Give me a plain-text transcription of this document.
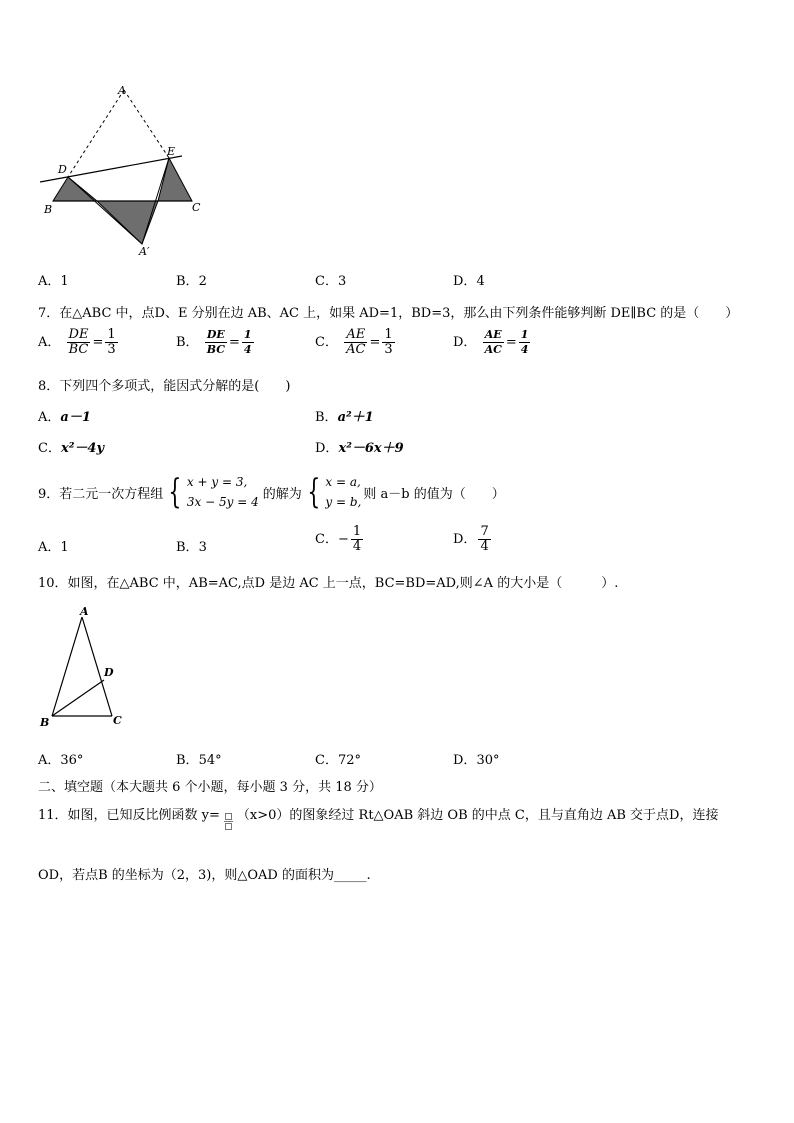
A
D
E
B	C
A′
A．1	B．2	C．3	D．4
7．在△ABC 中，点D、E 分别在边 AB、AC 上，如果 AD=1，BD=3，那么由下列条件能够判断 DE∥BC 的是（　　）
A． $\frac{DE}{BC} = \frac{1}{3}$	B． $\frac{DE}{BC} = \frac{1}{4}$	C． $\frac{AE}{AC} = \frac{1}{3}$	D． $\frac{AE}{AC} = \frac{1}{4}$
8．下列四个多项式，能因式分解的是(　　)
A．a－1	B．a²＋1
C．x²－4y	D．x²－6x＋9
9．若二元一次方程组 { x + y = 3,
3x − 5y = 4
的解为 { x = a,
y = b,
则 a－b 的值为（　　）
A．1	B．3
C．− $\frac{1}{4}$	D． $\frac{7}{4}$
10．如图，在△ABC 中，AB=AC,点D 是边 AC 上一点，BC=BD=AD,则∠A 的大小是（　　　）.
A
D
B	C
A．36°	B．54°	C．72°	D．30°
二、填空题（本大题共 6 个小题，每小题 3 分，共 18 分）
11．如图，已知反比例函数 y= （x>0）的图象经过 Rt△OAB 斜边 OB 的中点 C，且与直角边 AB 交于点D，连接
OD，若点B 的坐标为（2，3)，则△OAD 的面积为_____.
